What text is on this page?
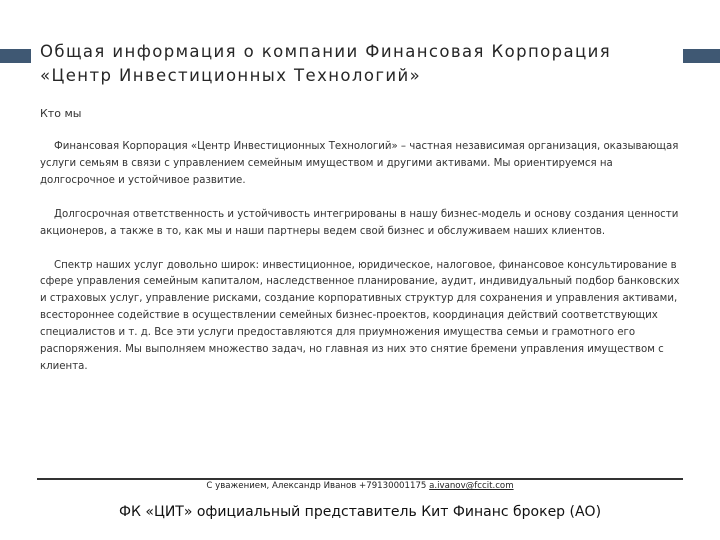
Общая информация о компании Финансовая Корпорация «Центр Инвестиционных Технологий»
Кто мы

Финансовая Корпорация «Центр Инвестиционных Технологий» – частная независимая организация, оказывающая услуги семьям в связи с управлением семейным имуществом и другими активами. Мы ориентируемся на долгосрочное и устойчивое развитие.

Долгосрочная ответственность и устойчивость интегрированы в нашу бизнес-модель и основу создания ценности акционеров, а также в то, как мы и наши партнеры ведем свой бизнес и обслуживаем наших клиентов.

Спектр наших услуг довольно широк: инвестиционное, юридическое, налоговое, финансовое консультирование в сфере управления семейным капиталом, наследственное планирование, аудит, индивидуальный подбор банковских и страховых услуг, управление рисками, создание корпоративных структур для сохранения и управления активами, всестороннее содействие в осуществлении семейных бизнес-проектов, координация действий соответствующих специалистов и т. д. Все эти услуги предоставляются для приумножения имущества семьи и грамотного его распоряжения. Мы выполняем множество задач, но главная из них это снятие бремени управления имуществом с клиента.

С уважением, Александр Иванов +79130001175 a.ivanov@fccit.com
ФК «ЦИТ» официальный представитель Кит Финанс брокер (АО)
